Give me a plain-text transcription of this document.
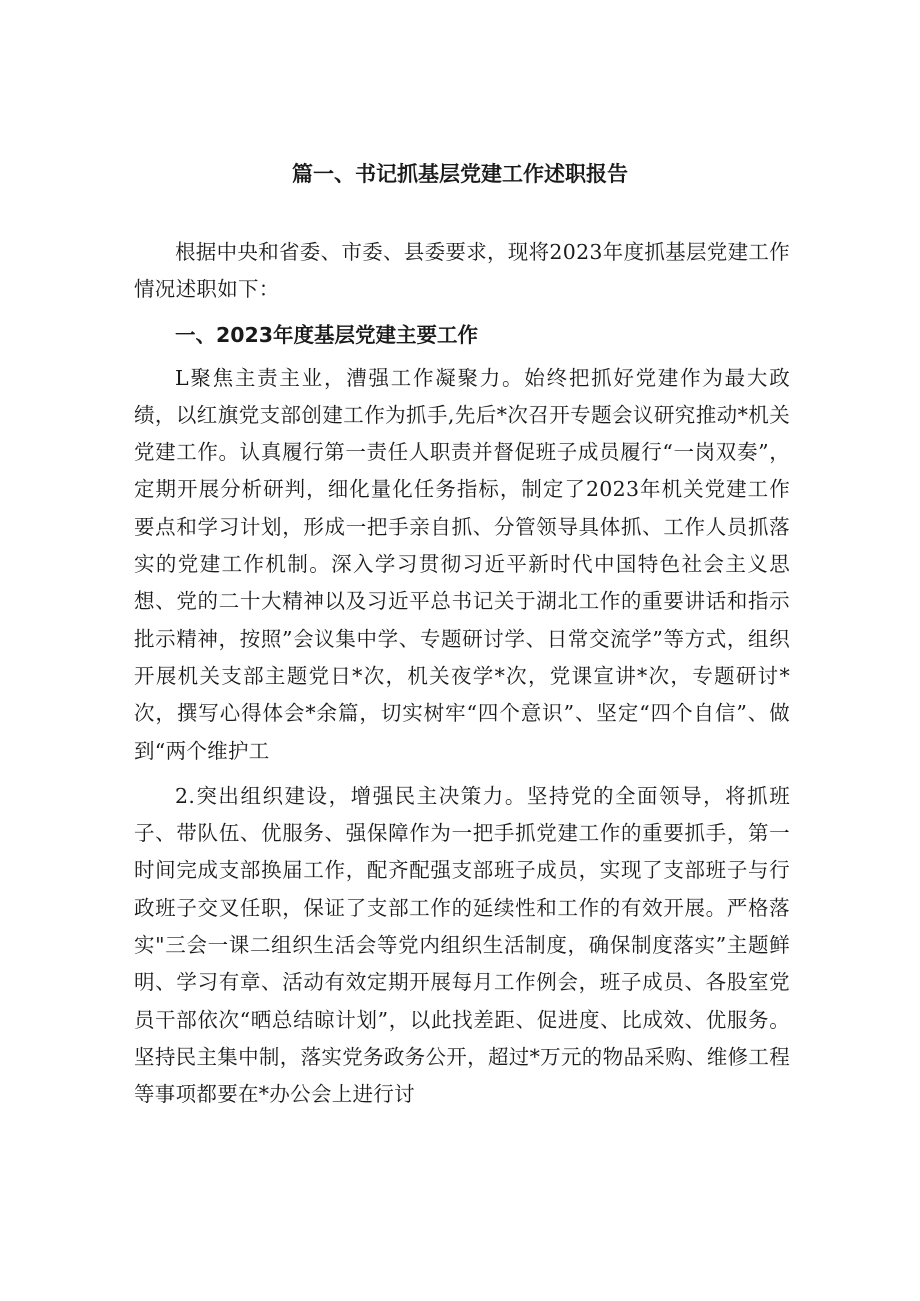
篇一、书记抓基层党建工作述职报告

根据中央和省委、市委、县委要求，现将2023年度抓基层党建工作情况述职如下：

一、2023年度基层党建主要工作

L聚焦主责主业，漕强工作凝聚力。始终把抓好党建作为最大政绩，以红旗党支部创建工作为抓手,先后*次召开专题会议研究推动*机关党建工作。认真履行第一责任人职责并督促班子成员履行“一岗双奏”，定期开展分析研判，细化量化任务指标，制定了2023年机关党建工作要点和学习计划，形成一把手亲自抓、分管领导具体抓、工作人员抓落实的党建工作机制。深入学习贯彻习近平新时代中国特色社会主义思想、党的二十大精神以及习近平总书记关于湖北工作的重要讲话和指示批示精神，按照”会议集中学、专题研讨学、日常交流学”等方式，组织开展机关支部主题党日*次，机关夜学*次，党课宣讲*次，专题研讨*次，撰写心得体会*余篇，切实树牢“四个意识”、坚定“四个自信”、做到“两个维护工

2.突出组织建设，增强民主决策力。坚持党的全面领导，将抓班子、带队伍、优服务、强保障作为一把手抓党建工作的重要抓手，第一时间完成支部换届工作，配齐配强支部班子成员，实现了支部班子与行政班子交叉任职，保证了支部工作的延续性和工作的有效开展。严格落实"三会一课二组织生活会等党内组织生活制度，确保制度落实”主题鲜明、学习有章、活动有效定期开展每月工作例会，班子成员、各股室党员干部依次“晒总结晾计划”，以此找差距、促进度、比成效、优服务。坚持民主集中制，落实党务政务公开，超过*万元的物品采购、维修工程等事项都要在*办公会上进行讨
